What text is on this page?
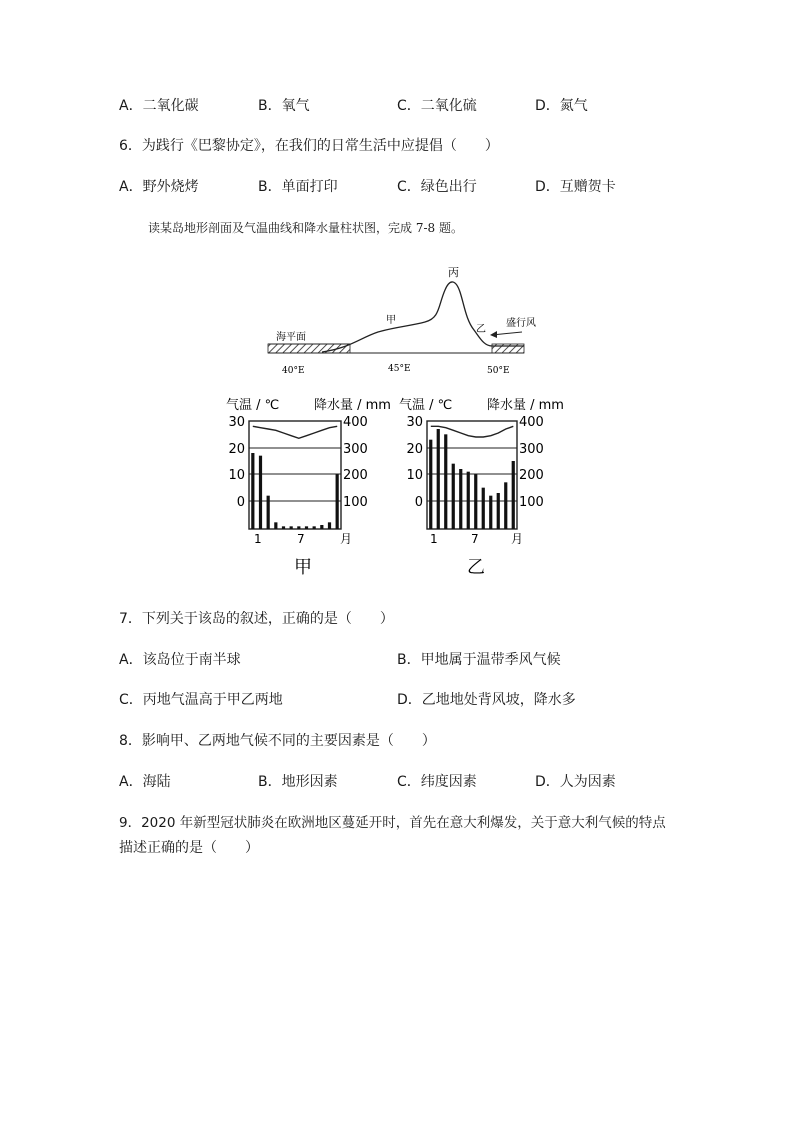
A．二氧化碳	B．氧气	C．二氧化硫	D．氮气
6．为践行《巴黎协定》，在我们的日常生活中应提倡（　　）
A．野外烧烤	B．单面打印	C．绿色出行	D．互赠贺卡
读某岛地形剖面及气温曲线和降水量柱状图，完成 7-8 题。
丙
甲
乙
海平面
盛行风
40°E	45°E	50°E
气温 / ℃	降水量 / mm
30
20
10
0
400
300
200
100
1	7	月
甲
气温 / ℃	降水量 / mm
30
20
10
0
400
300
200
100
1	7	月
乙
7．下列关于该岛的叙述，正确的是（　　）
A．该岛位于南半球	B．甲地属于温带季风气候
C．丙地气温高于甲乙两地	D．乙地地处背风坡，降水多
8．影响甲、乙两地气候不同的主要因素是（　　）
A．海陆	B．地形因素	C．纬度因素	D．人为因素
9．2020 年新型冠状肺炎在欧洲地区蔓延开时，首先在意大利爆发，关于意大利气候的特点
描述正确的是（　　）
